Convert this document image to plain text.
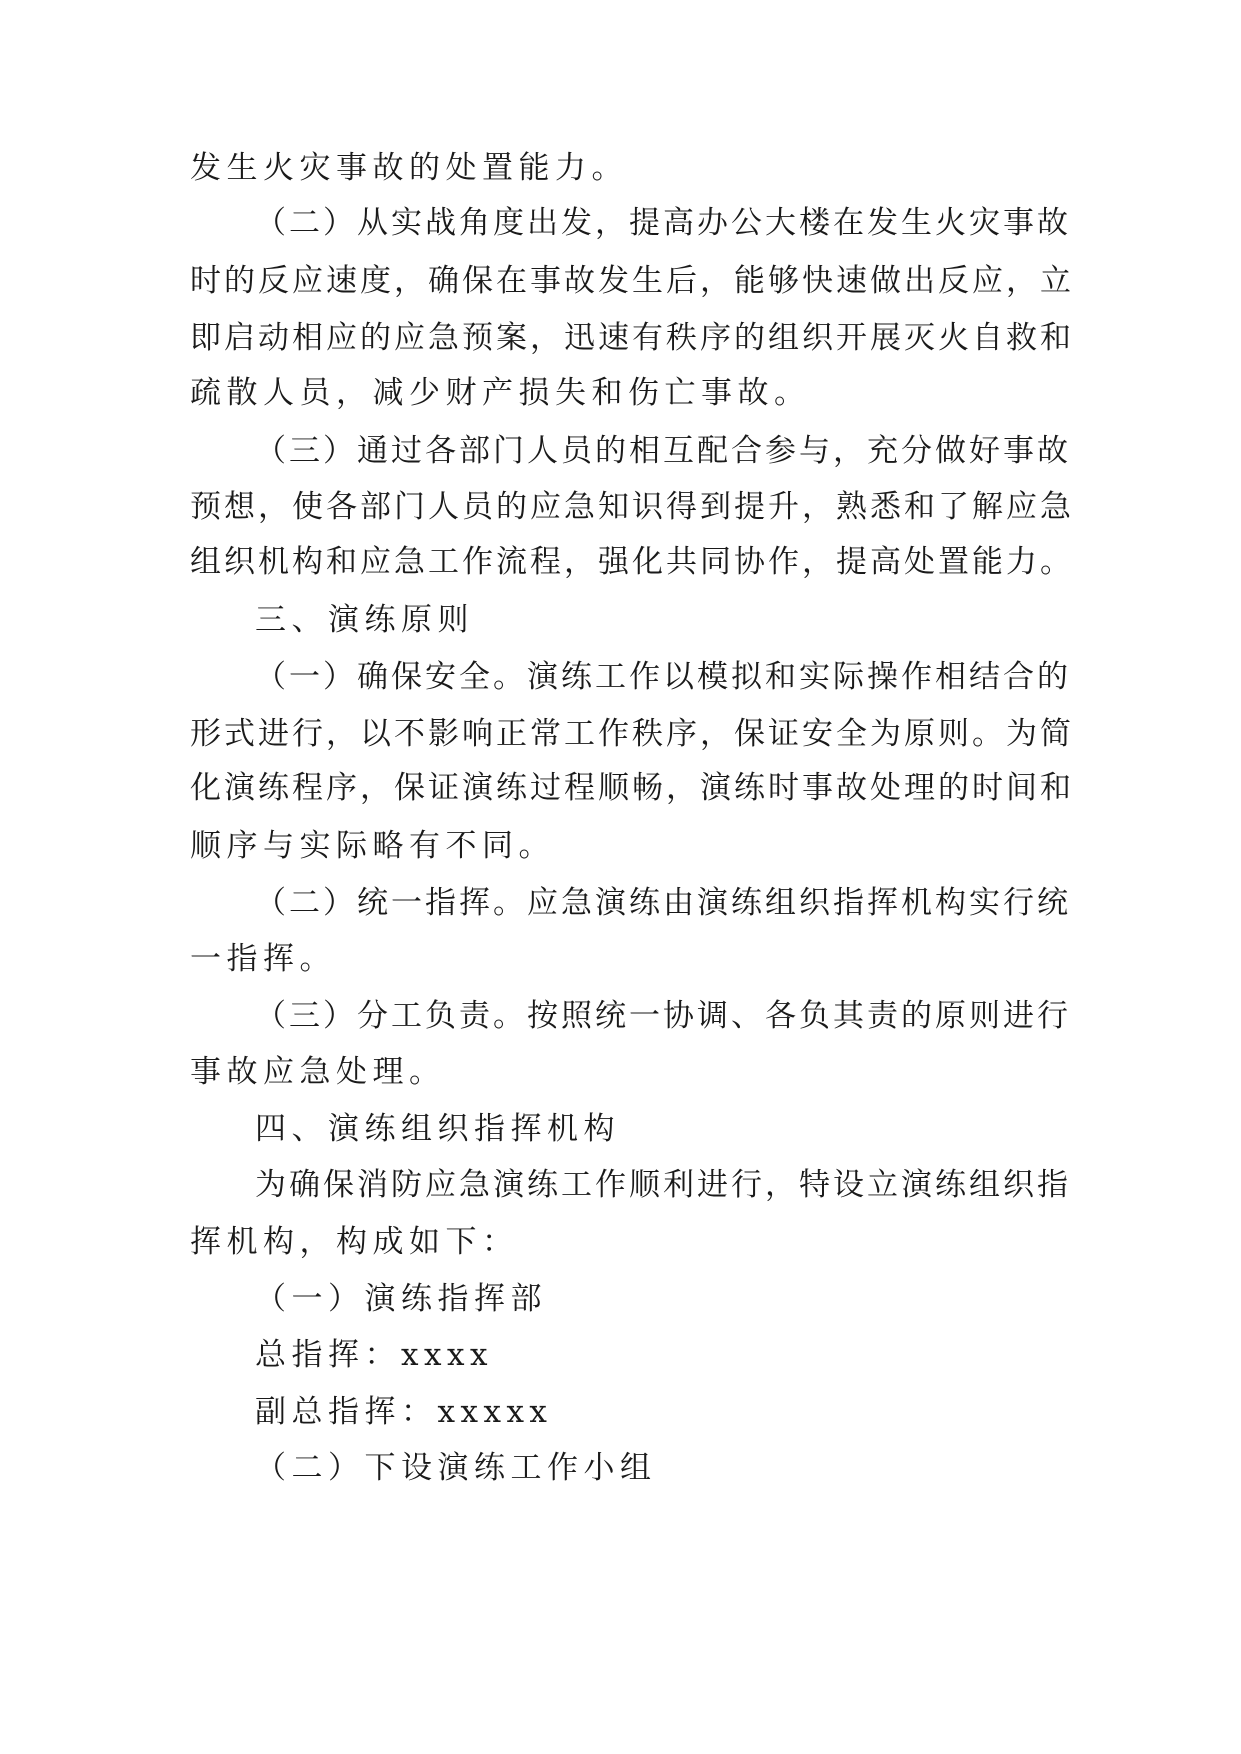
发生火灾事故的处置能力。

（二）从实战角度出发，提高办公大楼在发生火灾事故

时的反应速度，确保在事故发生后，能够快速做出反应，立

即启动相应的应急预案，迅速有秩序的组织开展灭火自救和

疏散人员，减少财产损失和伤亡事故。

（三）通过各部门人员的相互配合参与，充分做好事故

预想，使各部门人员的应急知识得到提升，熟悉和了解应急

组织机构和应急工作流程，强化共同协作，提高处置能力。

三、演练原则

（一）确保安全。演练工作以模拟和实际操作相结合的

形式进行，以不影响正常工作秩序，保证安全为原则。为简

化演练程序，保证演练过程顺畅，演练时事故处理的时间和

顺序与实际略有不同。

（二）统一指挥。应急演练由演练组织指挥机构实行统

一指挥。

（三）分工负责。按照统一协调、各负其责的原则进行

事故应急处理。

四、演练组织指挥机构

为确保消防应急演练工作顺利进行，特设立演练组织指

挥机构，构成如下：

（一）演练指挥部

总指挥：xxxx

副总指挥：xxxxx

（二）下设演练工作小组
